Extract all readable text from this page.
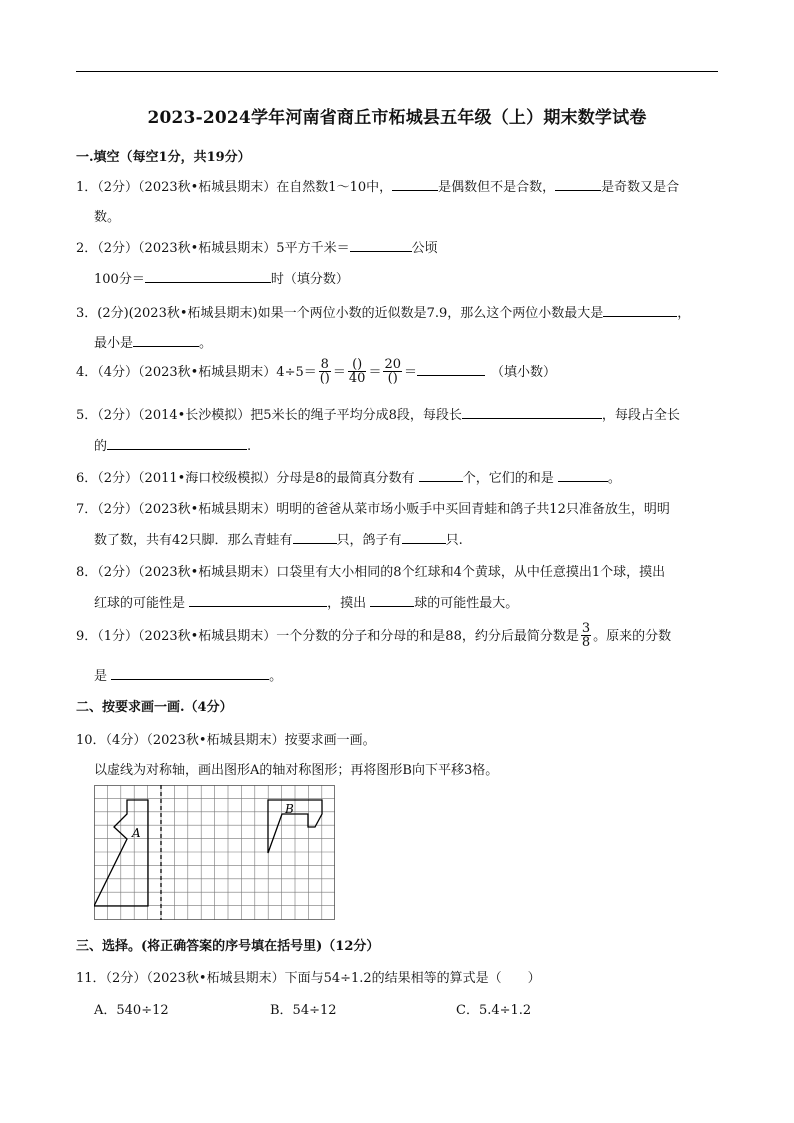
2023-2024学年河南省商丘市柘城县五年级（上）期末数学试卷
一.填空（每空1分，共19分）
1．（2分）（2023秋•柘城县期末）在自然数1～10中，	是偶数但不是合数，	是奇数又是合
数。
2．（2分）（2023秋•柘城县期末）5平方千米＝	公顷
100分＝	时（填分数）
3．(2分)(2023秋•柘城县期末)如果一个两位小数的近似数是7.9，那么这个两位小数最大是	，
最小是	。
4．（4分）（2023秋•柘城县期末）$4\div 5= \frac{8}{()} = \frac{()}{40} = \frac{20}{()}$ ＝	（填小数）
5．（2分）（2014•长沙模拟）把5米长的绳子平均分成8段，每段长	，每段占全长
的	.
6．（2分）（2011•海口校级模拟）分母是8的最简真分数有	个，它们的和是	。
7．（2分）（2023秋•柘城县期末）明明的爸爸从菜市场小贩手中买回青蛙和鸽子共12只准备放生，明明
数了数，共有42只脚．那么青蛙有	只，鸽子有	只.
8．（2分）（2023秋•柘城县期末）口袋里有大小相同的8个红球和4个黄球，从中任意摸出1个球，摸出
红球的可能性是	，摸出	球的可能性最大。
9．（1分）（2023秋•柘城县期末）一个分数的分子和分母的和是88，约分后最简分数是 $\frac{3}{8}$ 。原来的分数
是	。
二、按要求画一画.（4分）
10．（4分）（2023秋•柘城县期末）按要求画一画。
以虚线为对称轴，画出图形A的轴对称图形；再将图形B向下平移3格。
A
B
三、选择。(将正确答案的序号填在括号里)（12分）
11．（2分）（2023秋•柘城县期末）下面与54÷1.2的结果相等的算式是（　　）
A．540÷12	B．54÷12	C．5.4÷1.2
